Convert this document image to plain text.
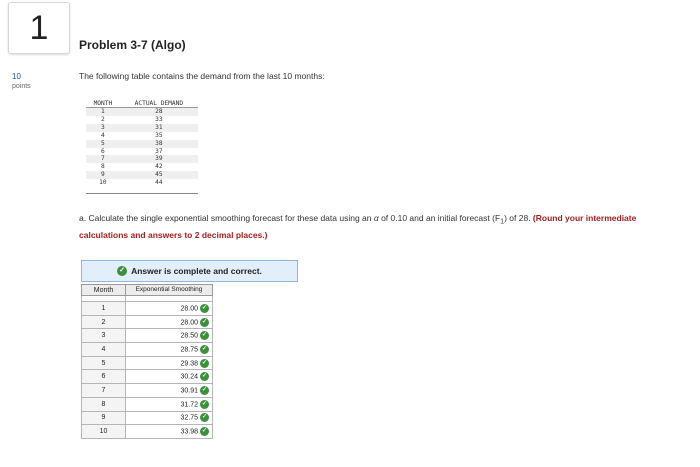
1	Problem 3-7 (Algo)
10
points
The following table contains the demand from the last 10 months:
MONTH	ACTUAL DEMAND
1	28
2	33
3	31
4	35
5	38
6	37
7	39
8	42
9	45
10	44
a. Calculate the single exponential smoothing forecast for these data using an α of 0.10 and an initial forecast $(F_1)$ of 28. (Round your intermediate calculations and answers to 2 decimal places.)
✓ Answer is complete and correct.
Month	Exponential Smoothing

1	28.00 ✓
2	28.00 ✓
3	28.50 ✓
4	28.75 ✓
5	29.38 ✓
6	30.24 ✓
7	30.91 ✓
8	31.72 ✓
9	32.75 ✓
10	33.98 ✓
